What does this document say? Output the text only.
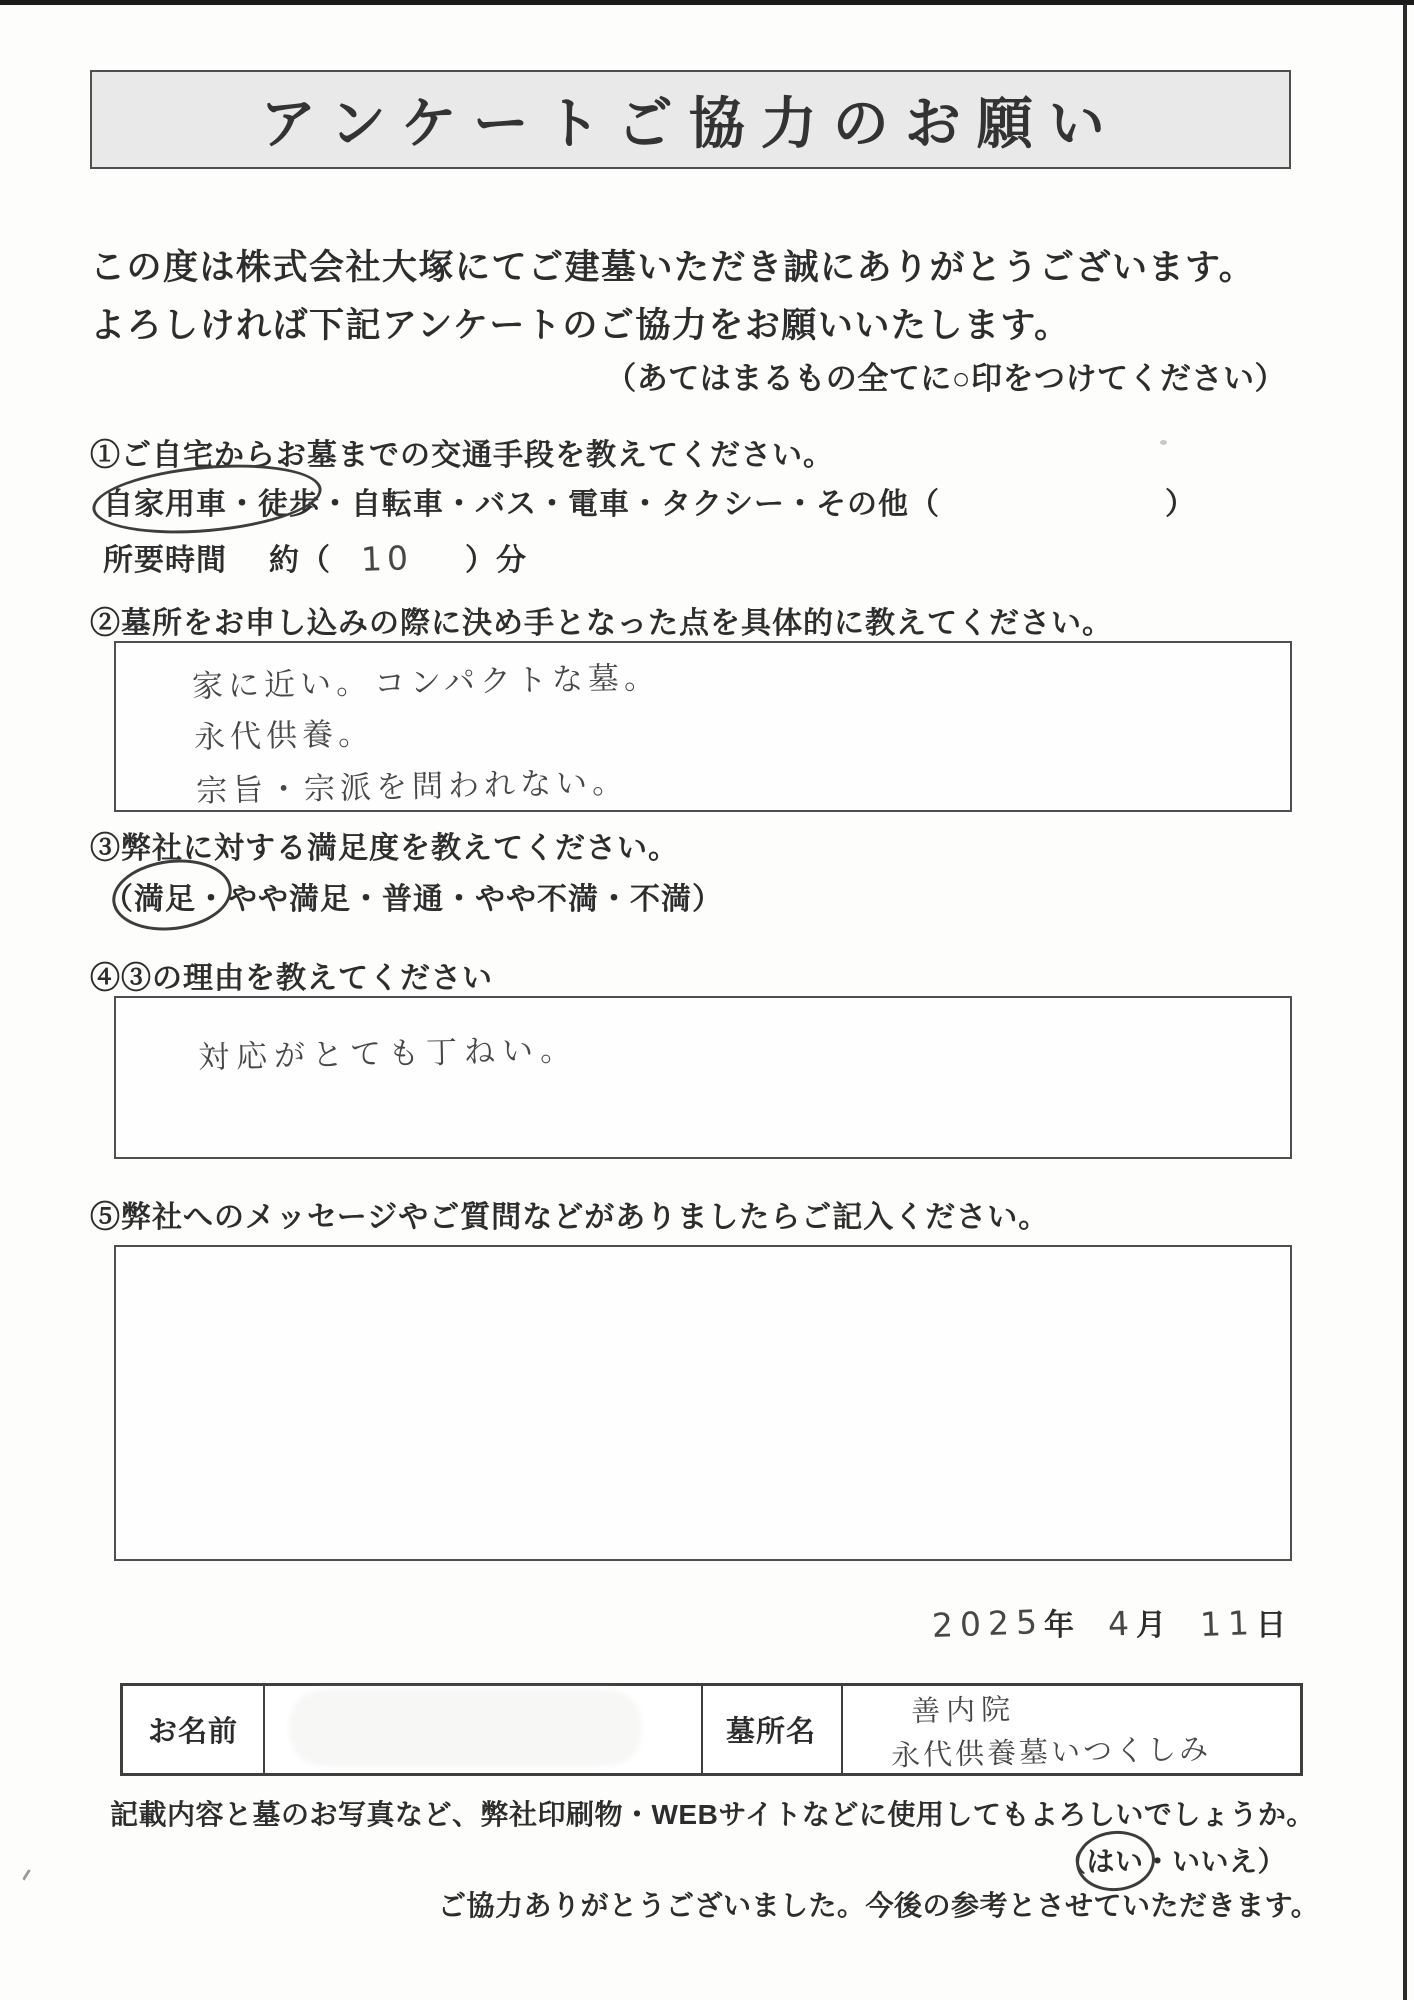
アンケートご協力のお願い
この度は株式会社大塚にてご建墓いただき誠にありがとうございます。
よろしければ下記アンケートのご協力をお願いいたします。
（あてはまるもの全てに○印をつけてください）
①ご自宅からお墓までの交通手段を教えてください。
自家用車・徒歩・自転車・バス・電車・タクシー・その他（	）
所要時間 約（ 10 ）分
②墓所をお申し込みの際に決め手となった点を具体的に教えてください。
家に近い。 コンパクトな墓。
永代供養。
宗旨・宗派を問われない。
③弊社に対する満足度を教えてください。
（満足・やや満足・普通・やや不満・不満）
④③の理由を教えてください
対応がとても丁ねい。
⑤弊社へのメッセージやご質問などがありましたらご記入ください。
2025 年 4 月 11 日
お名前	墓所名
善内院
永代供養墓いつくしみ
記載内容と墓のお写真など、弊社印刷物・WEBサイトなどに使用してもよろしいでしょうか。
（
はい・いいえ）
ご協力ありがとうございました。今後の参考とさせていただきます。
